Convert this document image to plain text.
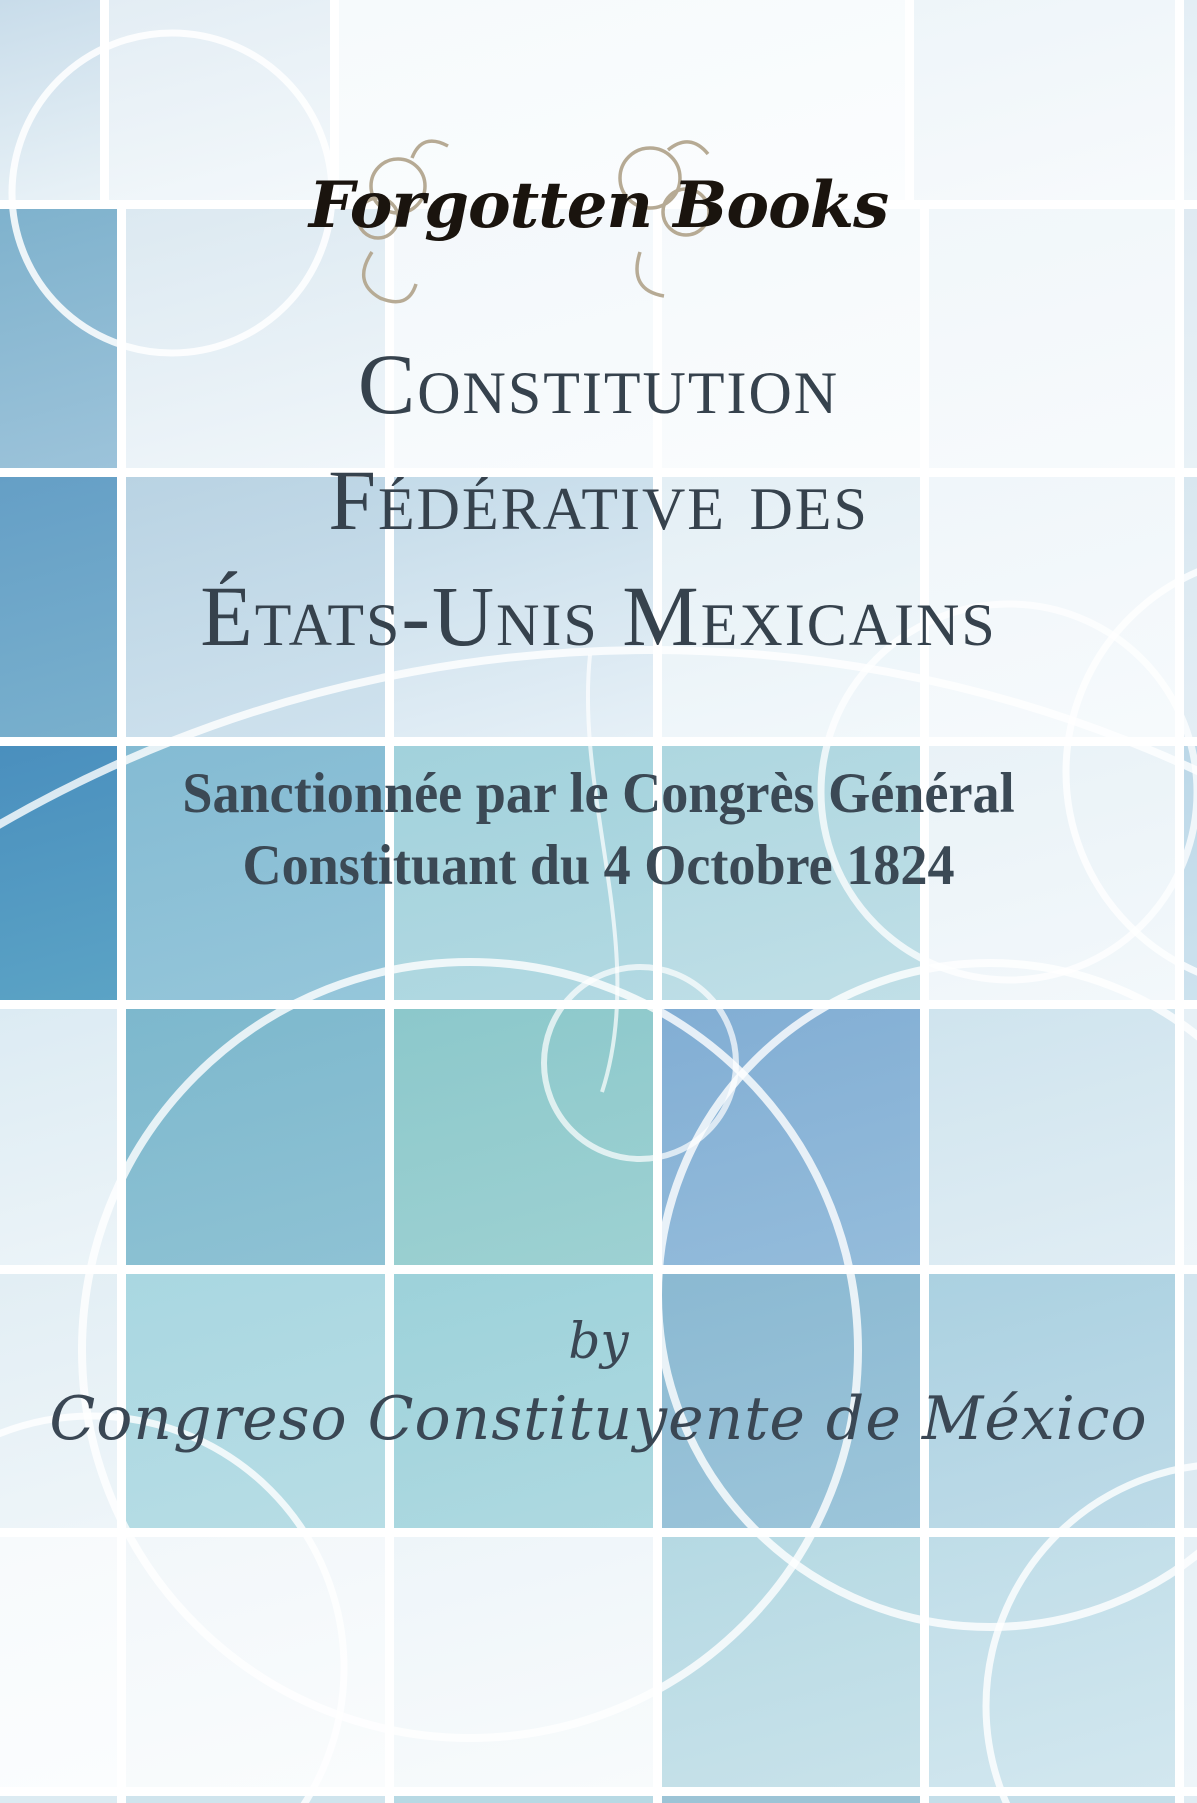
Forgotten Books
Constitution
Fédérative des
États-Unis Mexicains
Sanctionnée par le Congrès Général
Constituant du 4 Octobre 1824
by
Congreso Constituyente de México
